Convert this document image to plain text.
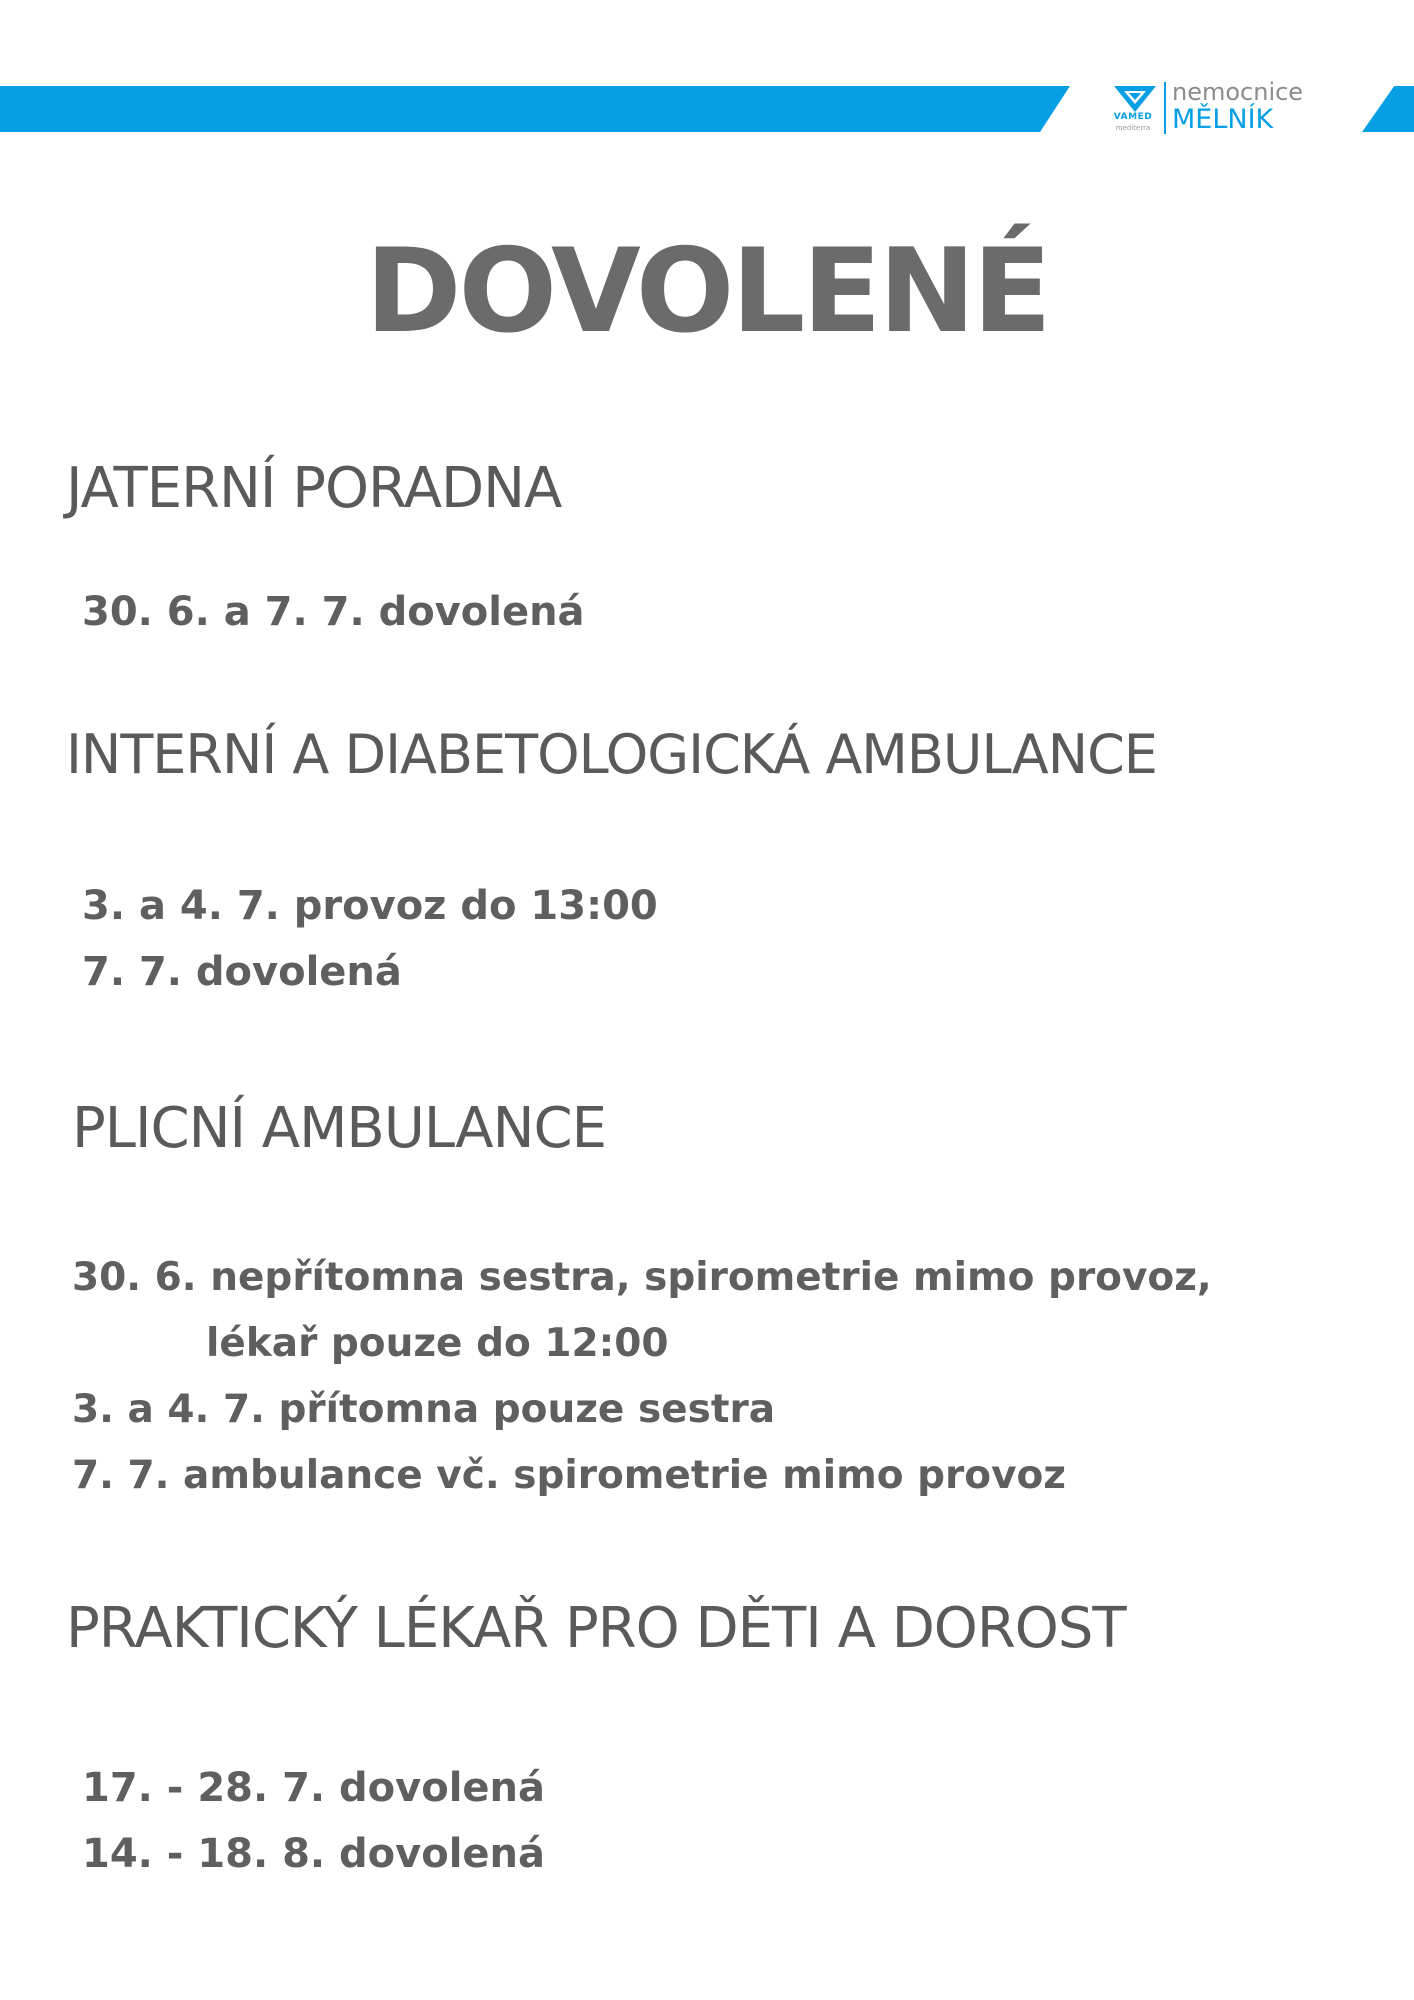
VAMED
mediterra
nemocnice
MĚLNÍK
DOVOLENÉ
JATERNÍ PORADNA
30. 6. a 7. 7. dovolená
INTERNÍ A DIABETOLOGICKÁ AMBULANCE
3. a 4. 7. provoz do 13:00
7. 7. dovolená
PLICNÍ AMBULANCE
30. 6. nepřítomna sestra, spirometrie mimo provoz,
lékař pouze do 12:00
3. a 4. 7. přítomna pouze sestra
7. 7. ambulance vč. spirometrie mimo provoz
PRAKTICKÝ LÉKAŘ PRO DĚTI A DOROST
17. - 28. 7. dovolená
14. - 18. 8. dovolená
